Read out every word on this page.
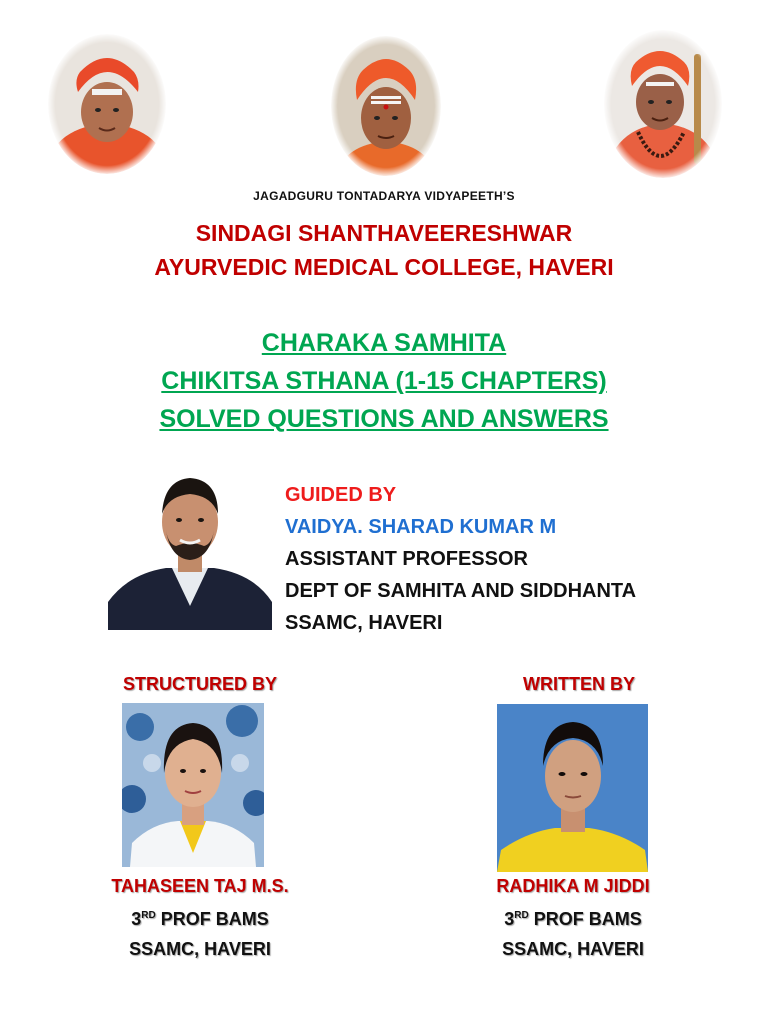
JAGADGURU TONTADARYA VIDYAPEETH’S
SINDAGI SHANTHAVEERESHWAR
AYURVEDIC MEDICAL COLLEGE, HAVERI
CHARAKA SAMHITA
CHIKITSA STHANA (1-15 CHAPTERS)
SOLVED QUESTIONS AND ANSWERS
GUIDED BY
VAIDYA. SHARAD KUMAR M
ASSISTANT PROFESSOR
DEPT OF SAMHITA AND SIDDHANTA
SSAMC, HAVERI
STRUCTURED BY
TAHASEEN TAJ M.S.
3RD PROF BAMS
SSAMC, HAVERI
WRITTEN BY
RADHIKA M JIDDI
3RD PROF BAMS
SSAMC, HAVERI
